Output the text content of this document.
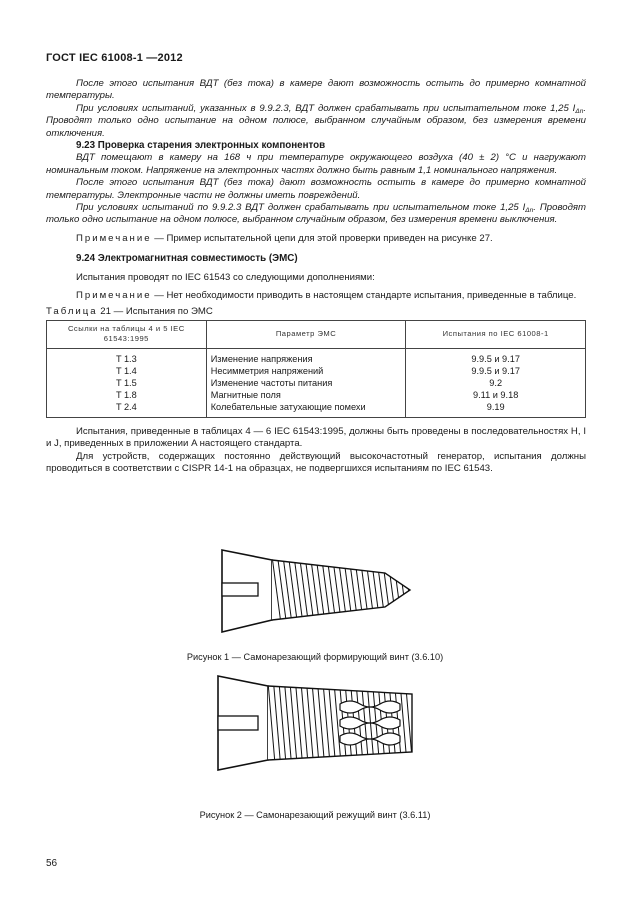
ГОСТ IEC 61008-1 —2012

После этого испытания ВДТ (без тока) в камере дают возможность остыть до примерно комнатной температуры.

При условиях испытаний, указанных в 9.9.2.3, ВДТ должен срабатывать при испытательном токе 1,25 $I_{\Delta n}$. Проводят только одно испытание на одном полюсе, выбранном случайным образом, без измерения времени отключения.

9.23 Проверка старения электронных компонентов

ВДТ помещают в камеру на 168 ч при температуре окружающего воздуха (40 ± 2) °С и нагружают номинальным током. Напряжение на электронных частях должно быть равным 1,1 номинального напряжения.

После этого испытания ВДТ (без тока) дают возможность остыть в камере до примерно комнатной температуры. Электронные части не должны иметь повреждений.

При условиях испытаний по 9.9.2.3 ВДТ должен срабатывать при испытательном токе 1,25 $I_{\Delta n}$. Проводят только одно испытание на одном полюсе, выбранном случайным образом, без измерения времени выключения.

Примечание — Пример испытательной цепи для этой проверки приведен на рисунке 27.

9.24 Электромагнитная совместимость (ЭМС)

Испытания проводят по IEC 61543 со следующими дополнениями:

Примечание — Нет необходимости приводить в настоящем стандарте испытания, приведенные в таблице.

Таблица 21 — Испытания по ЭМС

Ссылки на таблицы 4 и 5 IEC 61543:1995	Параметр ЭМС	Испытания по IEC 61008-1
T 1.3	Изменение напряжения	9.9.5 и 9.17
T 1.4	Несимметрия напряжений	9.9.5 и 9.17
T 1.5	Изменение частоты питания	9.2
T 1.8	Магнитные поля	9.11 и 9.18
T 2.4	Колебательные затухающие помехи	9.19

Испытания, приведенные в таблицах 4 — 6 IEC 61543:1995, должны быть проведены в последовательностях H, I и J, приведенных в приложении A настоящего стандарта.

Для устройств, содержащих постоянно действующий высокочастотный генератор, испытания должны проводиться в соответствии с CISPR 14-1 на образцах, не подвергшихся испытаниям по IEC 61543.

Рисунок 1 — Самонарезающий формирующий винт (3.6.10)
Рисунок 2 — Самонарезающий режущий винт (3.6.11)
56
